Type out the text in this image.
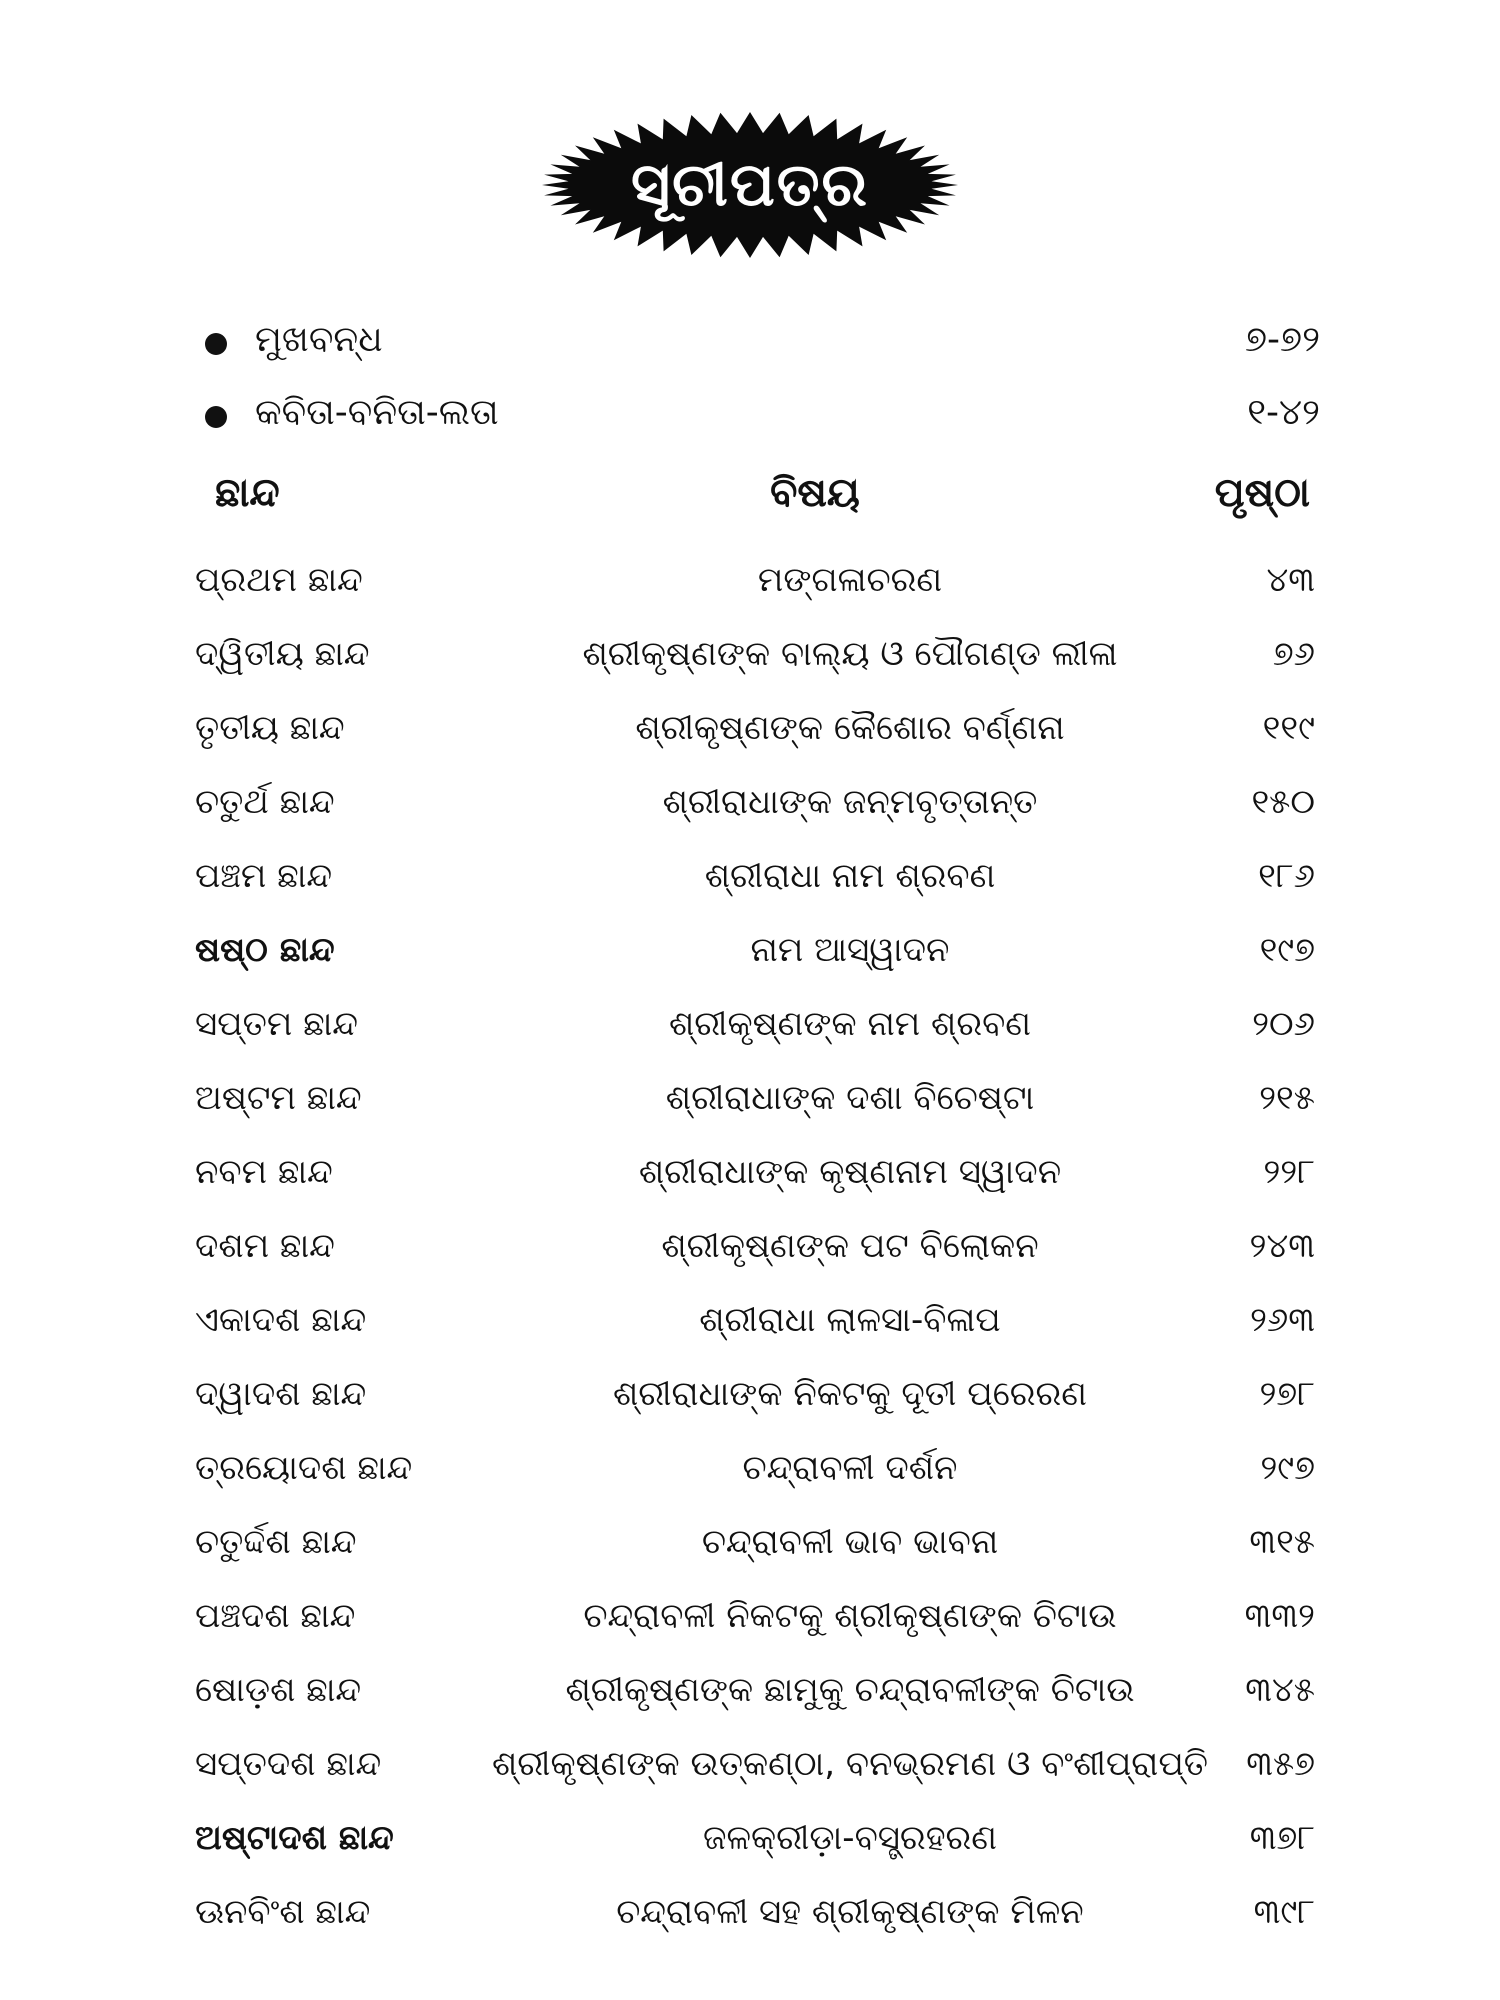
ସୂଚୀପତ୍ର
ମୁଖବନ୍ଧ	୭-୭୨
କବିତା-ବନିତା-ଲତା	୧-୪୨
ଛାନ୍ଦ	ବିଷୟ	ପୃଷ୍ଠା
ପ୍ରଥମ ଛାନ୍ଦ	ମଙ୍ଗଳାଚରଣ	୪୩
ଦ୍ୱିତୀୟ ଛାନ୍ଦ	ଶ୍ରୀକୃଷ୍ଣଙ୍କ ବାଲ୍ୟ ଓ ପୌଗଣ୍ଡ ଲୀଳା	୭୬
ତୃତୀୟ ଛାନ୍ଦ	ଶ୍ରୀକୃଷ୍ଣଙ୍କ କୈଶୋର ବର୍ଣ୍ଣନା	୧୧୯
ଚତୁର୍ଥ ଛାନ୍ଦ	ଶ୍ରୀରାଧାଙ୍କ ଜନ୍ମବୃତ୍ତାନ୍ତ	୧୫୦
ପଞ୍ଚମ ଛାନ୍ଦ	ଶ୍ରୀରାଧା ନାମ ଶ୍ରବଣ	୧୮୬
ଷଷ୍ଠ ଛାନ୍ଦ	ନାମ ଆସ୍ୱାଦନ	୧୯୭
ସପ୍ତମ ଛାନ୍ଦ	ଶ୍ରୀକୃଷ୍ଣଙ୍କ ନାମ ଶ୍ରବଣ	୨୦୬
ଅଷ୍ଟମ ଛାନ୍ଦ	ଶ୍ରୀରାଧାଙ୍କ ଦଶା ବିଚେଷ୍ଟା	୨୧୫
ନବମ ଛାନ୍ଦ	ଶ୍ରୀରାଧାଙ୍କ କୃଷ୍ଣନାମ ସ୍ୱାଦନ	୨୨୮
ଦଶମ ଛାନ୍ଦ	ଶ୍ରୀକୃଷ୍ଣଙ୍କ ପଟ ବିଲୋକନ	୨୪୩
ଏକାଦଶ ଛାନ୍ଦ	ଶ୍ରୀରାଧା ଲାଳସା-ବିଳାପ	୨୬୩
ଦ୍ୱାଦଶ ଛାନ୍ଦ	ଶ୍ରୀରାଧାଙ୍କ ନିକଟକୁ ଦୂତୀ ପ୍ରେରଣ	୨୭୮
ତ୍ରୟୋଦଶ ଛାନ୍ଦ	ଚନ୍ଦ୍ରାବଳୀ ଦର୍ଶନ	୨୯୭
ଚତୁର୍ଦ୍ଦଶ ଛାନ୍ଦ	ଚନ୍ଦ୍ରାବଳୀ ଭାବ ଭାବନା	୩୧୫
ପଞ୍ଚଦଶ ଛାନ୍ଦ	ଚନ୍ଦ୍ରାବଳୀ ନିକଟକୁ ଶ୍ରୀକୃଷ୍ଣଙ୍କ ଚିଟାଉ	୩୩୨
ଷୋଡ଼ଶ ଛାନ୍ଦ	ଶ୍ରୀକୃଷ୍ଣଙ୍କ ଛାମୁକୁ ଚନ୍ଦ୍ରାବଳୀଙ୍କ ଚିଟାଉ	୩୪୫
ସପ୍ତଦଶ ଛାନ୍ଦ	ଶ୍ରୀକୃଷ୍ଣଙ୍କ ଉତ୍କଣ୍ଠା, ବନଭ୍ରମଣ ଓ ବଂଶୀପ୍ରାପ୍ତି	୩୫୭
ଅଷ୍ଟାଦଶ ଛାନ୍ଦ	ଜଳକ୍ରୀଡ଼ା-ବସ୍ତ୍ରହରଣ	୩୭୮
ଊନବିଂଶ ଛାନ୍ଦ	ଚନ୍ଦ୍ରାବଳୀ ସହ ଶ୍ରୀକୃଷ୍ଣଙ୍କ ମିଳନ	୩୯୮
